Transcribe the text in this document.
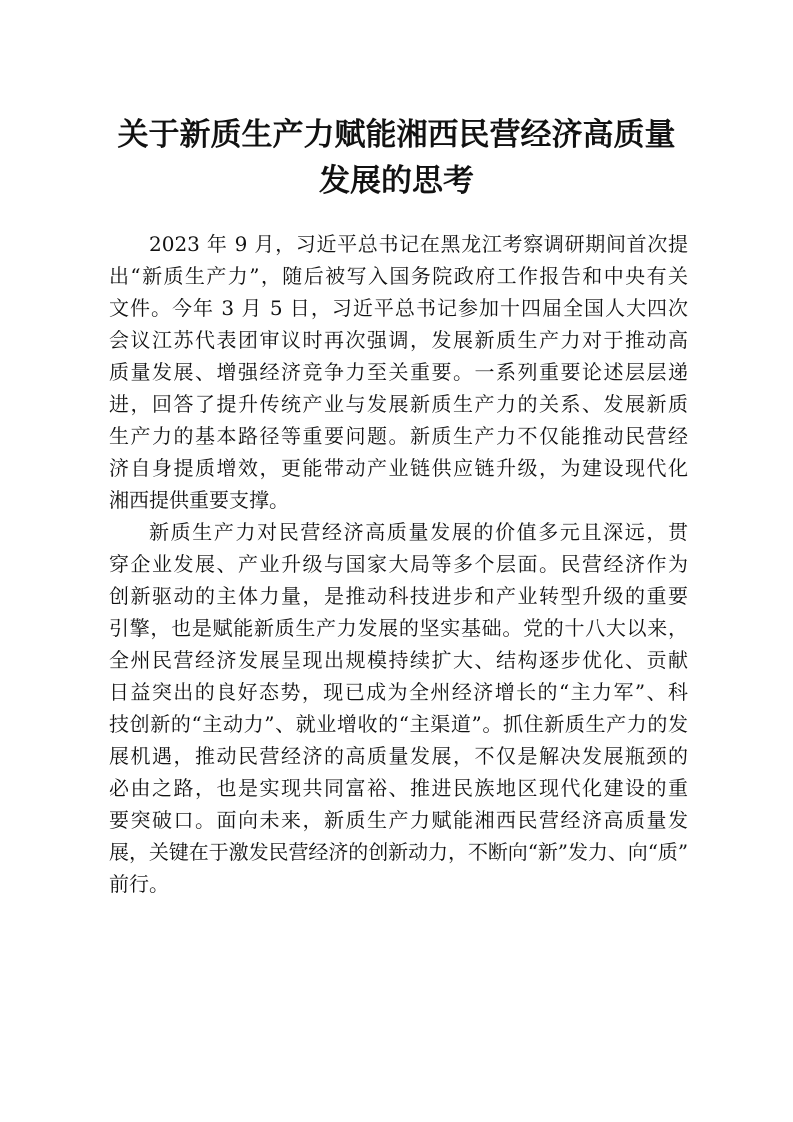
关于新质生产力赋能湘西民营经济高质量
发展的思考
2023 年 9 月，习近平总书记在黑龙江考察调研期间首次提
出“新质生产力”，随后被写入国务院政府工作报告和中央有关
文件。今年 3 月 5 日，习近平总书记参加十四届全国人大四次
会议江苏代表团审议时再次强调，发展新质生产力对于推动高
质量发展、增强经济竞争力至关重要。一系列重要论述层层递
进，回答了提升传统产业与发展新质生产力的关系、发展新质
生产力的基本路径等重要问题。新质生产力不仅能推动民营经
济自身提质增效，更能带动产业链供应链升级，为建设现代化
湘西提供重要支撑。
新质生产力对民营经济高质量发展的价值多元且深远，贯
穿企业发展、产业升级与国家大局等多个层面。民营经济作为
创新驱动的主体力量，是推动科技进步和产业转型升级的重要
引擎，也是赋能新质生产力发展的坚实基础。党的十八大以来，
全州民营经济发展呈现出规模持续扩大、结构逐步优化、贡献
日益突出的良好态势，现已成为全州经济增长的“主力军”、科
技创新的“主动力”、就业增收的“主渠道”。抓住新质生产力的发
展机遇，推动民营经济的高质量发展，不仅是解决发展瓶颈的
必由之路，也是实现共同富裕、推进民族地区现代化建设的重
要突破口。面向未来，新质生产力赋能湘西民营经济高质量发
展，关键在于激发民营经济的创新动力，不断向“新”发力、向“质”
前行。
